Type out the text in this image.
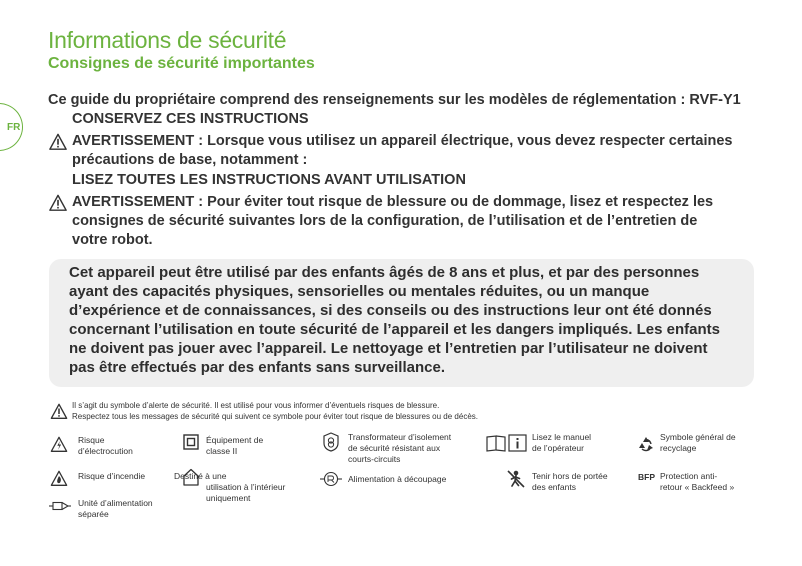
Informations de sécurité
Consignes de sécurité importantes
FR
Ce guide du propriétaire comprend des renseignements sur les modèles de réglementation : RVF-Y1
CONSERVEZ CES INSTRUCTIONS
AVERTISSEMENT : Lorsque vous utilisez un appareil électrique, vous devez respecter certaines
précautions de base, notamment :
LISEZ TOUTES LES INSTRUCTIONS AVANT UTILISATION
AVERTISSEMENT : Pour éviter tout risque de blessure ou de dommage, lisez et respectez les
consignes de sécurité suivantes lors de la configuration, de l’utilisation et de l’entretien de
votre robot.

Cet appareil peut être utilisé par des enfants âgés de 8 ans et plus, et par des personnes

ayant des capacités physiques, sensorielles ou mentales réduites, ou un manque

d’expérience et de connaissances, si des conseils ou des instructions leur ont été donnés

concernant l’utilisation en toute sécurité de l’appareil et les dangers impliqués. Les enfants

ne doivent pas jouer avec l’appareil. Le nettoyage et l’entretien par l’utilisateur ne doivent

pas être effectués par des enfants sans surveillance.

Il s’agit du symbole d’alerte de sécurité. Il est utilisé pour vous informer d’éventuels risques de blessure.
Respectez tous les messages de sécurité qui suivent ce symbole pour éviter tout risque de blessures ou de décès.
Risque
d’électrocution
Équipement de
classe II
Transformateur d’isolement
de sécurité résistant aux
courts-circuits
Lisez le manuel
de l’opérateur
Symbole général de
recyclage
Risque d’incendie	Destiné à une
utilisation à l’intérieur
uniquement
Alimentation à découpage	Tenir hors de portée
des enfants
BFP Protection anti-
retour « Backfeed »
Unité d’alimentation
séparée
